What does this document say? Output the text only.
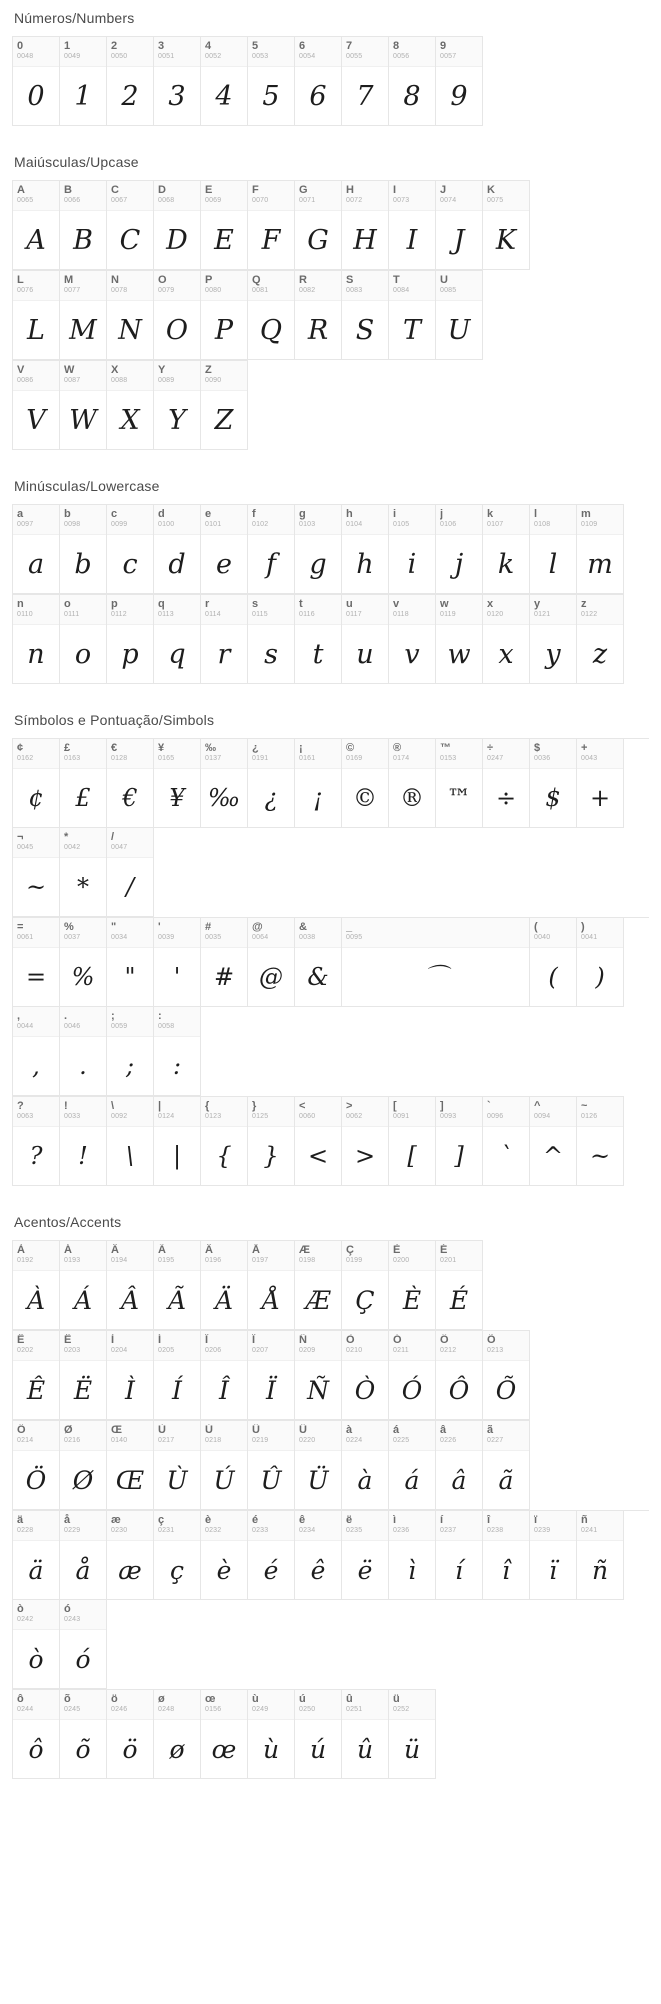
Números/Numbers
0
0048
0
1
0049
1
2
0050
2
3
0051
3
4
0052
4
5
0053
5
6
0054
6
7
0055
7
8
0056
8
9
0057
9
Maiúsculas/Upcase
A
0065
A
B
0066
B
C
0067
C
D
0068
D
E
0069
E
F
0070
F
G
0071
G
H
0072
H
I
0073
I
J
0074
J
K
0075
K
L
0076
L
M
0077
M
N
0078
N
O
0079
O
P
0080
P
Q
0081
Q
R
0082
R
S
0083
S
T
0084
T
U
0085
U
V
0086
V
W
0087
W
X
0088
X
Y
0089
Y
Z
0090
Z
Minúsculas/Lowercase
a
0097
a
b
0098
b
c
0099
c
d
0100
d
e
0101
e
f
0102
f
g
0103
g
h
0104
h
i
0105
i
j
0106
j
k
0107
k
l
0108
l
m
0109
m
n
0110
n
o
0111
o
p
0112
p
q
0113
q
r
0114
r
s
0115
s
t
0116
t
u
0117
u
v
0118
v
w
0119
w
x
0120
x
y
0121
y
z
0122
z
Símbolos e Pontuação/Simbols
¢
0162
¢
£
0163
£
€
0128
€
¥
0165
¥
‰
0137
‰
¿
0191
¿
¡
0161
¡
©
0169
©
®
0174
®
™
0153
™
÷
0247
÷
$
0036
$
+
0043
+
¬
0045
~
*
0042
*
/
0047
/
=
0061
=
%
0037
%
"
0034
"
'
0039
'
#
0035
#
@
0064
@
&
0038
&
_
0095
⌒
(
0040
(
)
0041
)
,
0044
,
.
0046
.
;
0059
;
:
0058
:
?
0063
?
!
0033
!
\
0092
\
|
0124
|
{
0123
{
}
0125
}
<
0060
<
>
0062
>
[
0091
[
]
0093
]
`
0096
`
^
0094
^
~
0126
~
Acentos/Accents
À
0192
À
Á
0193
Á
Â
0194
Â
Ã
0195
Ã
Ä
0196
Ä
Å
0197
Å
Æ
0198
Æ
Ç
0199
Ç
È
0200
È
É
0201
É
Ê
0202
Ê
Ë
0203
Ë
Ì
0204
Ì
Í
0205
Í
Î
0206
Î
Ï
0207
Ï
Ñ
0209
Ñ
Ò
0210
Ò
Ó
0211
Ó
Ô
0212
Ô
Õ
0213
Õ
Ö
0214
Ö
Ø
0216
Ø
Œ
0140
Œ
Ù
0217
Ù
Ú
0218
Ú
Û
0219
Û
Ü
0220
Ü
à
0224
à
á
0225
á
â
0226
â
ã
0227
ã
ä
0228
ä
å
0229
å
æ
0230
æ
ç
0231
ç
è
0232
è
é
0233
é
ê
0234
ê
ë
0235
ë
ì
0236
ì
í
0237
í
î
0238
î
ï
0239
ï
ñ
0241
ñ
ò
0242
ò
ó
0243
ó
ô
0244
ô
õ
0245
õ
ö
0246
ö
ø
0248
ø
œ
0156
œ
ù
0249
ù
ú
0250
ú
û
0251
û
ü
0252
ü
